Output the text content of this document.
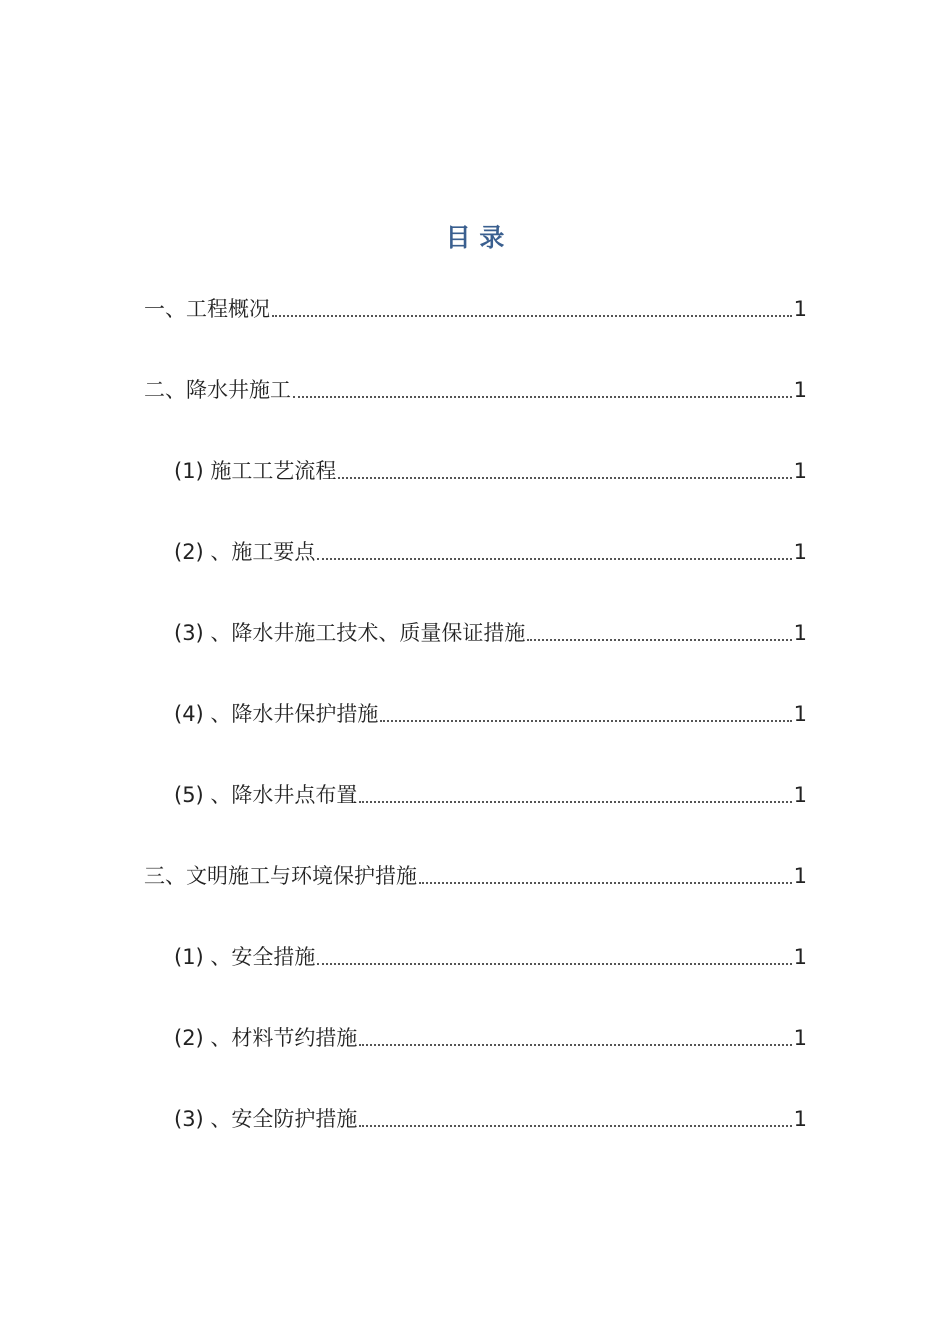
目 录
一、工程概况	1
二、降水井施工	1
(1) 施工工艺流程	1
(2) 、施工要点	1
(3) 、降水井施工技术、质量保证措施	1
(4) 、降水井保护措施	1
(5) 、降水井点布置	1
三、文明施工与环境保护措施	1
(1) 、安全措施	1
(2) 、材料节约措施	1
(3) 、安全防护措施	1
